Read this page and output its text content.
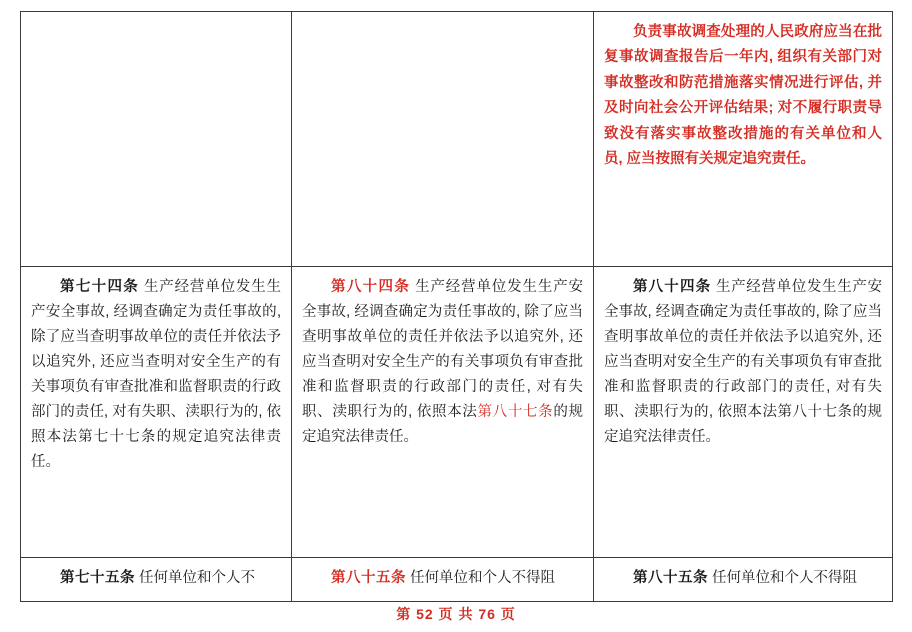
		负责事故调查处理的人民政府应当在批复事故调查报告后一年内, 组织有关部门对事故整改和防范措施落实情况进行评估, 并及时向社会公开评估结果; 对不履行职责导致没有落实事故整改措施的有关单位和人员, 应当按照有关规定追究责任。

第七十四条 生产经营单位发生生产安全事故, 经调查确定为责任事故的, 除了应当查明事故单位的责任并依法予以追究外, 还应当查明对安全生产的有关事项负有审查批准和监督职责的行政部门的责任, 对有失职、渎职行为的, 依照本法第七十七条的规定追究法律责任。	第八十四条 生产经营单位发生生产安全事故, 经调查确定为责任事故的, 除了应当查明事故单位的责任并依法予以追究外, 还应当查明对安全生产的有关事项负有审查批准和监督职责的行政部门的责任, 对有失职、渎职行为的, 依照本法第八十七条的规定追究法律责任。	第八十四条 生产经营单位发生生产安全事故, 经调查确定为责任事故的, 除了应当查明事故单位的责任并依法予以追究外, 还应当查明对安全生产的有关事项负有审查批准和监督职责的行政部门的责任, 对有失职、渎职行为的, 依照本法第八十七条的规定追究法律责任。

第七十五条 任何单位和个人不	第八十五条 任何单位和个人不得阻	第八十五条 任何单位和个人不得阻

第 52 页 共 76 页
